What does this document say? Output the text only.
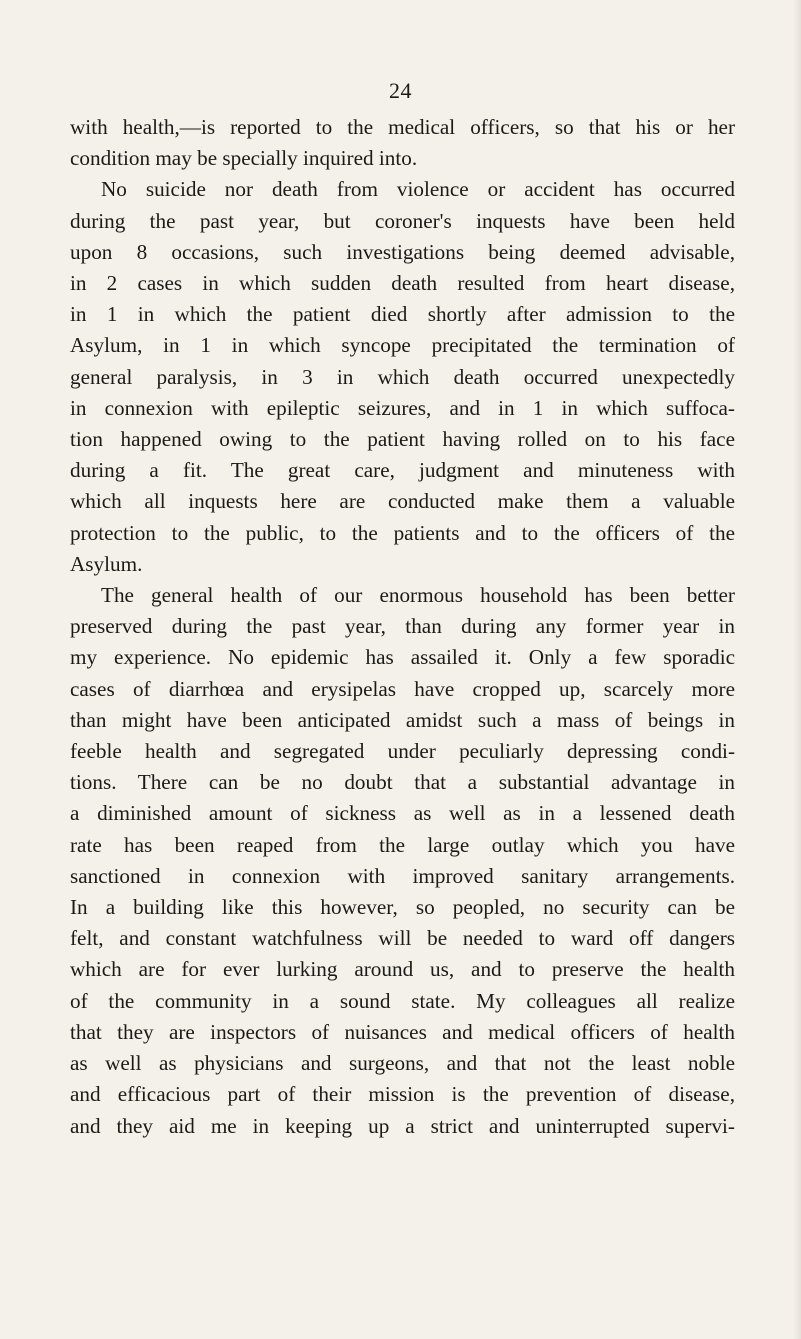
24
with health,—is reported to the medical officers, so that his or her
condition may be specially inquired into.
No suicide nor death from violence or accident has occurred
during the past year, but coroner's inquests have been held
upon 8 occasions, such investigations being deemed advisable,
in 2 cases in which sudden death resulted from heart disease,
in 1 in which the patient died shortly after admission to the
Asylum, in 1 in which syncope precipitated the termination of
general paralysis, in 3 in which death occurred unexpectedly
in connexion with epileptic seizures, and in 1 in which suffoca-
tion happened owing to the patient having rolled on to his face
during a fit. The great care, judgment and minuteness with
which all inquests here are conducted make them a valuable
protection to the public, to the patients and to the officers of the
Asylum.
The general health of our enormous household has been better
preserved during the past year, than during any former year in
my experience. No epidemic has assailed it. Only a few sporadic
cases of diarrhœa and erysipelas have cropped up, scarcely more
than might have been anticipated amidst such a mass of beings in
feeble health and segregated under peculiarly depressing condi-
tions. There can be no doubt that a substantial advantage in
a diminished amount of sickness as well as in a lessened death
rate has been reaped from the large outlay which you have
sanctioned in connexion with improved sanitary arrangements.
In a building like this however, so peopled, no security can be
felt, and constant watchfulness will be needed to ward off dangers
which are for ever lurking around us, and to preserve the health
of the community in a sound state. My colleagues all realize
that they are inspectors of nuisances and medical officers of health
as well as physicians and surgeons, and that not the least noble
and efficacious part of their mission is the prevention of disease,
and they aid me in keeping up a strict and uninterrupted supervi-
